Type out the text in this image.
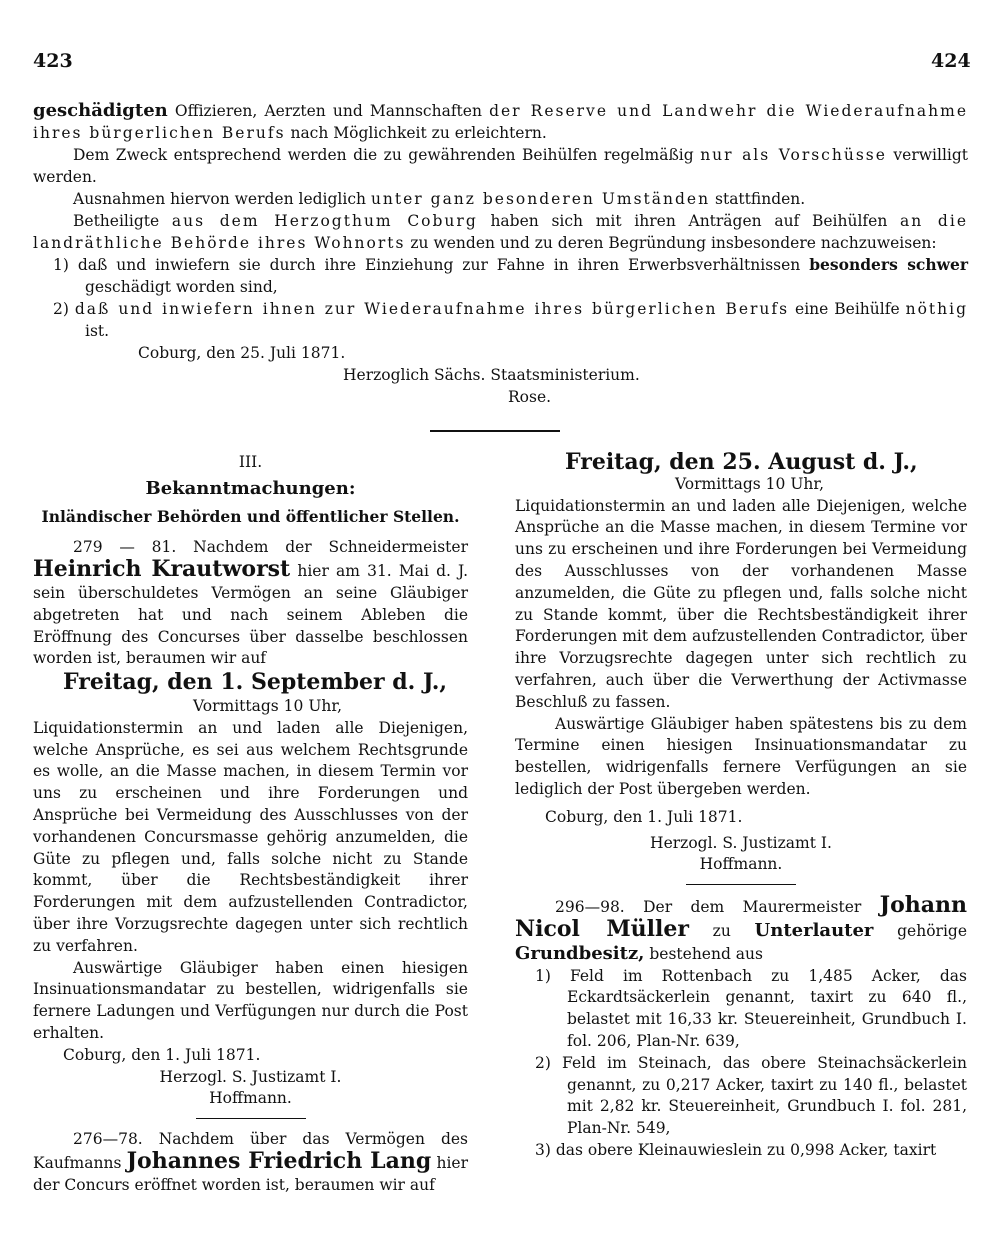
423	424

geschädigten Offizieren, Aerzten und Mannschaften der Reserve und Landwehr die Wiederaufnahme ihres bürgerlichen Berufs nach Möglichkeit zu erleichtern.

Dem Zweck entsprechend werden die zu gewährenden Beihülfen regelmäßig nur als Vorschüsse verwilligt werden.

Ausnahmen hiervon werden lediglich unter ganz besonderen Umständen stattfinden.

Betheiligte aus dem Herzogthum Coburg haben sich mit ihren Anträgen auf Beihülfen an die landräthliche Behörde ihres Wohnorts zu wenden und zu deren Begründung insbesondere nachzuweisen:

1) daß und inwiefern sie durch ihre Einziehung zur Fahne in ihren Erwerbsverhältnissen besonders schwer geschädigt worden sind,

2) daß und inwiefern ihnen zur Wiederaufnahme ihres bürgerlichen Berufs eine Beihülfe nöthig ist.

Coburg, den 25. Juli 1871.

Herzoglich Sächs. Staatsministerium.

Rose.

III.

Bekanntmachungen:

Inländischer Behörden und öffentlicher Stellen.

279 — 81. Nachdem der Schneidermeister Heinrich Krautworst hier am 31. Mai d. J. sein überschuldetes Vermögen an seine Gläubiger abgetreten hat und nach seinem Ableben die Eröffnung des Concurses über dasselbe beschlossen worden ist, beraumen wir auf

Freitag, den 1. September d. J.,

Vormittags 10 Uhr,

Liquidationstermin an und laden alle Diejenigen, welche Ansprüche, es sei aus welchem Rechtsgrunde es wolle, an die Masse machen, in diesem Termin vor uns zu erscheinen und ihre Forderungen und Ansprüche bei Vermeidung des Ausschlusses von der vorhandenen Concursmasse gehörig anzumelden, die Güte zu pflegen und, falls solche nicht zu Stande kommt, über die Rechtsbeständigkeit ihrer Forderungen mit dem aufzustellenden Contradictor, über ihre Vorzugsrechte dagegen unter sich rechtlich zu verfahren.

Auswärtige Gläubiger haben einen hiesigen Insinuationsmandatar zu bestellen, widrigenfalls sie fernere Ladungen und Verfügungen nur durch die Post erhalten.

Coburg, den 1. Juli 1871.

Herzogl. S. Justizamt I.

Hoffmann.

276—78. Nachdem über das Vermögen des Kaufmanns Johannes Friedrich Lang hier der Concurs eröffnet worden ist, beraumen wir auf

Freitag, den 25. August d. J.,

Vormittags 10 Uhr,

Liquidationstermin an und laden alle Diejenigen, welche Ansprüche an die Masse machen, in diesem Termine vor uns zu erscheinen und ihre Forderungen bei Vermeidung des Ausschlusses von der vorhandenen Masse anzumelden, die Güte zu pflegen und, falls solche nicht zu Stande kommt, über die Rechtsbeständigkeit ihrer Forderungen mit dem aufzustellenden Contradictor, über ihre Vorzugsrechte dagegen unter sich rechtlich zu verfahren, auch über die Verwerthung der Activmasse Beschluß zu fassen.

Auswärtige Gläubiger haben spätestens bis zu dem Termine einen hiesigen Insinuationsmandatar zu bestellen, widrigenfalls fernere Verfügungen an sie lediglich der Post übergeben werden.

Coburg, den 1. Juli 1871.

Herzogl. S. Justizamt I.

Hoffmann.

296—98. Der dem Maurermeister Johann Nicol Müller zu Unterlauter gehörige Grundbesitz, bestehend aus

1) Feld im Rottenbach zu 1,485 Acker, das Eckardtsäckerlein genannt, taxirt zu 640 fl., belastet mit 16,33 kr. Steuereinheit, Grundbuch I. fol. 206, Plan-Nr. 639,

2) Feld im Steinach, das obere Steinachsäckerlein genannt, zu 0,217 Acker, taxirt zu 140 fl., belastet mit 2,82 kr. Steuereinheit, Grundbuch I. fol. 281, Plan-Nr. 549,

3) das obere Kleinauwieslein zu 0,998 Acker, taxirt
